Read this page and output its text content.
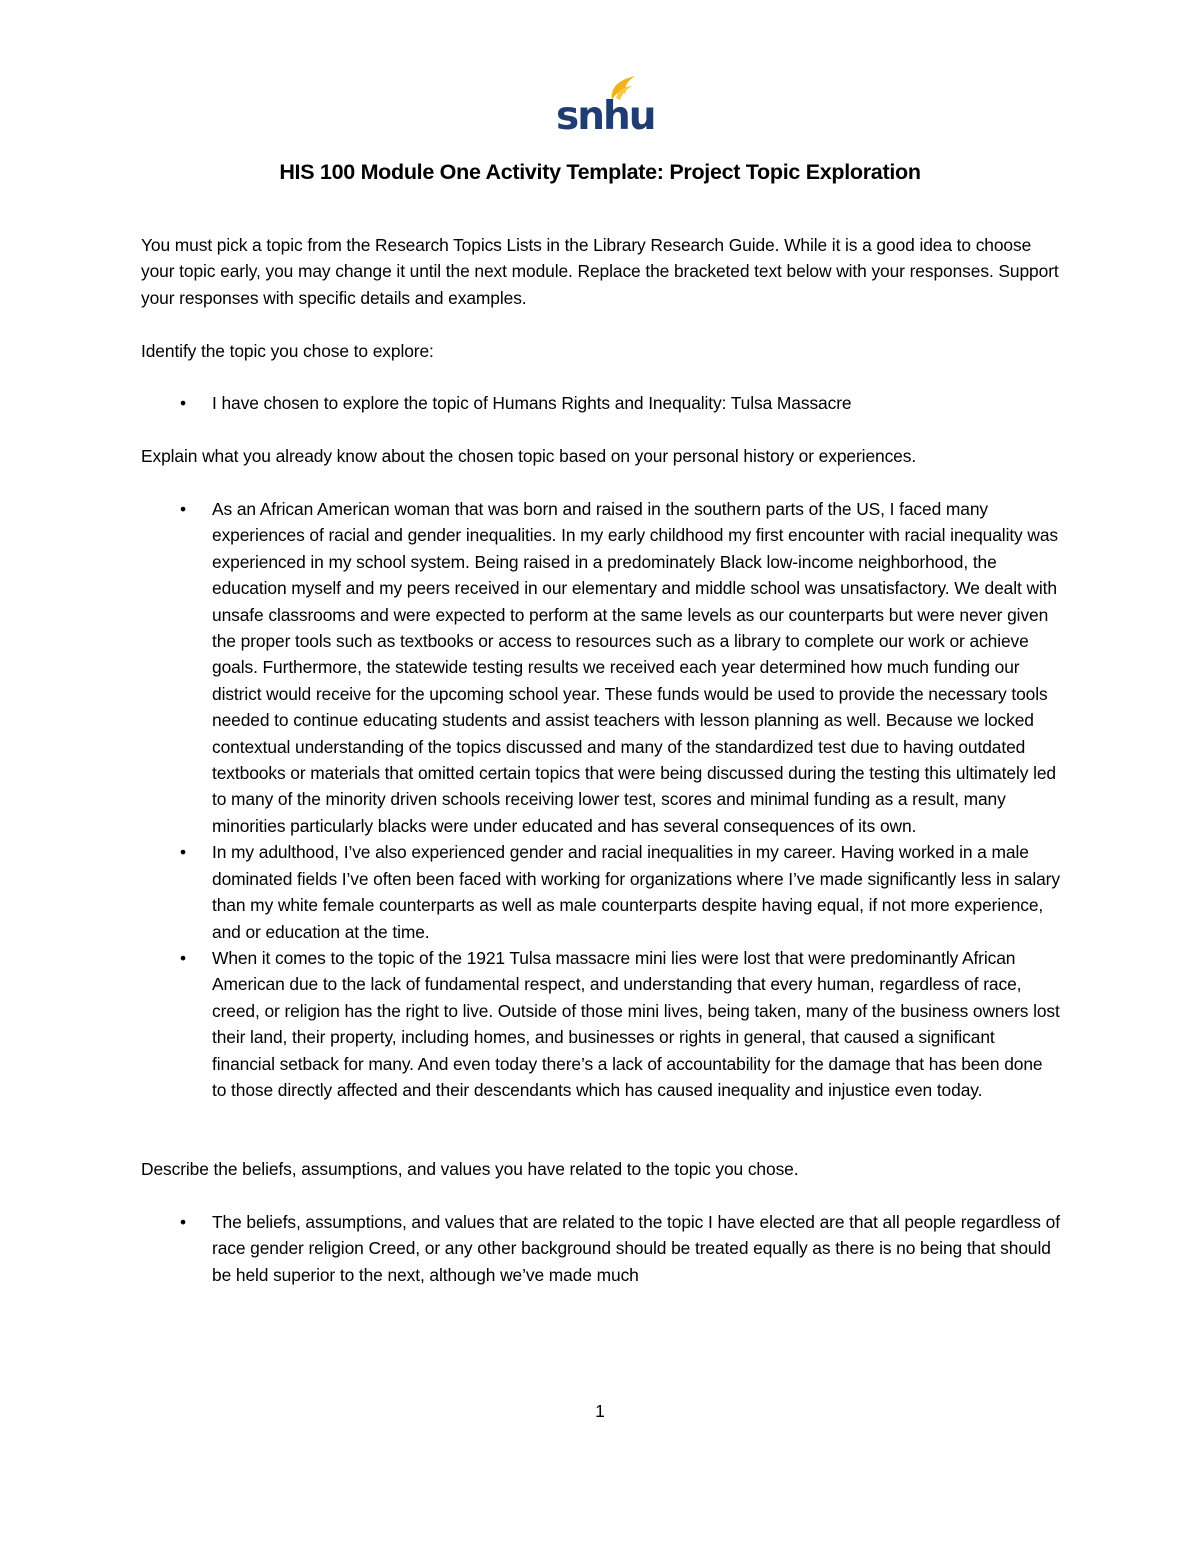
snhu
HIS 100 Module One Activity Template: Project Topic Exploration

You must pick a topic from the Research Topics Lists in the Library Research Guide. While it is a good idea to choose your topic early, you may change it until the next module. Replace the bracketed text below with your responses. Support your responses with specific details and examples.

Identify the topic you chose to explore:

• I have chosen to explore the topic of Humans Rights and Inequality: Tulsa Massacre

Explain what you already know about the chosen topic based on your personal history or experiences.

• As an African American woman that was born and raised in the southern parts of the US, I faced many experiences of racial and gender inequalities. In my early childhood my first encounter with racial inequality was experienced in my school system. Being raised in a predominately Black low-income neighborhood, the education myself and my peers received in our elementary and middle school was unsatisfactory. We dealt with unsafe classrooms and were expected to perform at the same levels as our counterparts but were never given the proper tools such as textbooks or access to resources such as a library to complete our work or achieve goals. Furthermore, the statewide testing results we received each year determined how much funding our district would receive for the upcoming school year. These funds would be used to provide the necessary tools needed to continue educating students and assist teachers with lesson planning as well. Because we locked contextual understanding of the topics discussed and many of the standardized test due to having outdated textbooks or materials that omitted certain topics that were being discussed during the testing this ultimately led to many of the minority driven schools receiving lower test, scores and minimal funding as a result, many minorities particularly blacks were under educated and has several consequences of its own.
• In my adulthood, I’ve also experienced gender and racial inequalities in my career. Having worked in a male dominated fields I’ve often been faced with working for organizations where I’ve made significantly less in salary than my white female counterparts as well as male counterparts despite having equal, if not more experience, and or education at the time.
• When it comes to the topic of the 1921 Tulsa massacre mini lies were lost that were predominantly African American due to the lack of fundamental respect, and understanding that every human, regardless of race, creed, or religion has the right to live. Outside of those mini lives, being taken, many of the business owners lost their land, their property, including homes, and businesses or rights in general, that caused a significant financial setback for many. And even today there’s a lack of accountability for the damage that has been done to those directly affected and their descendants which has caused inequality and injustice even today.

Describe the beliefs, assumptions, and values you have related to the topic you chose.

• The beliefs, assumptions, and values that are related to the topic I have elected are that all people regardless of race gender religion Creed, or any other background should be treated equally as there is no being that should be held superior to the next, although we’ve made much
1
